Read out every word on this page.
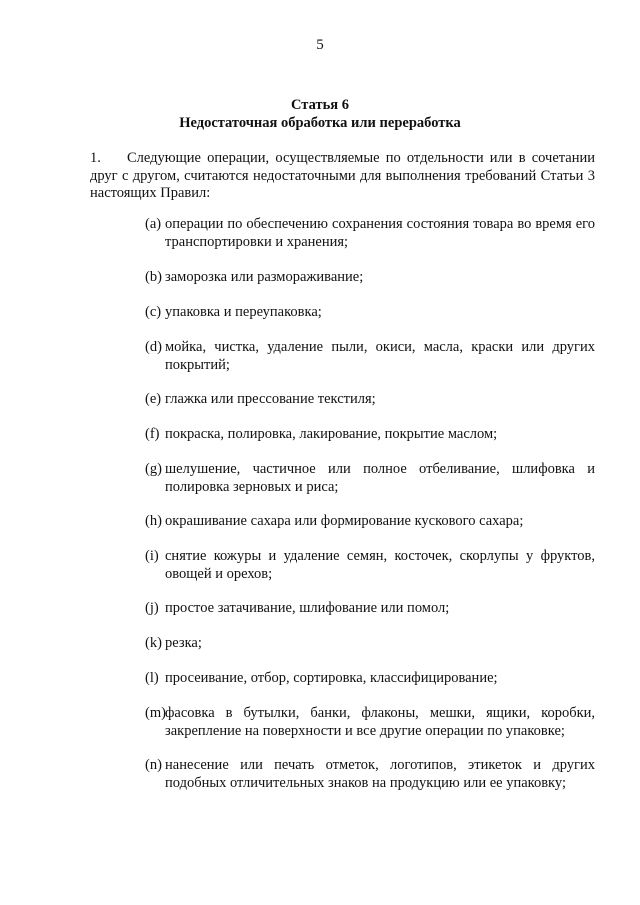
5
Статья 6
Недостаточная обработка или переработка
1. Следующие операции, осуществляемые по отдельности или в сочетании друг с другом, считаются недостаточными для выполнения требований Статьи 3 настоящих Правил:
(a) операции по обеспечению сохранения состояния товара во время его транспортировки и хранения;
(b) заморозка или размораживание;
(c) упаковка и переупаковка;
(d) мойка, чистка, удаление пыли, окиси, масла, краски или других покрытий;
(e) глажка или прессование текстиля;
(f) покраска, полировка, лакирование, покрытие маслом;
(g) шелушение, частичное или полное отбеливание, шлифовка и полировка зерновых и риса;
(h) окрашивание сахара или формирование кускового сахара;
(i) снятие кожуры и удаление семян, косточек, скорлупы у фруктов, овощей и орехов;
(j) простое затачивание, шлифование или помол;
(k) резка;
(l) просеивание, отбор, сортировка, классифицирование;
(m) фасовка в бутылки, банки, флаконы, мешки, ящики, коробки, закрепление на поверхности и все другие операции по упаковке;
(n) нанесение или печать отметок, логотипов, этикеток и других подобных отличительных знаков на продукцию или ее упаковку;
